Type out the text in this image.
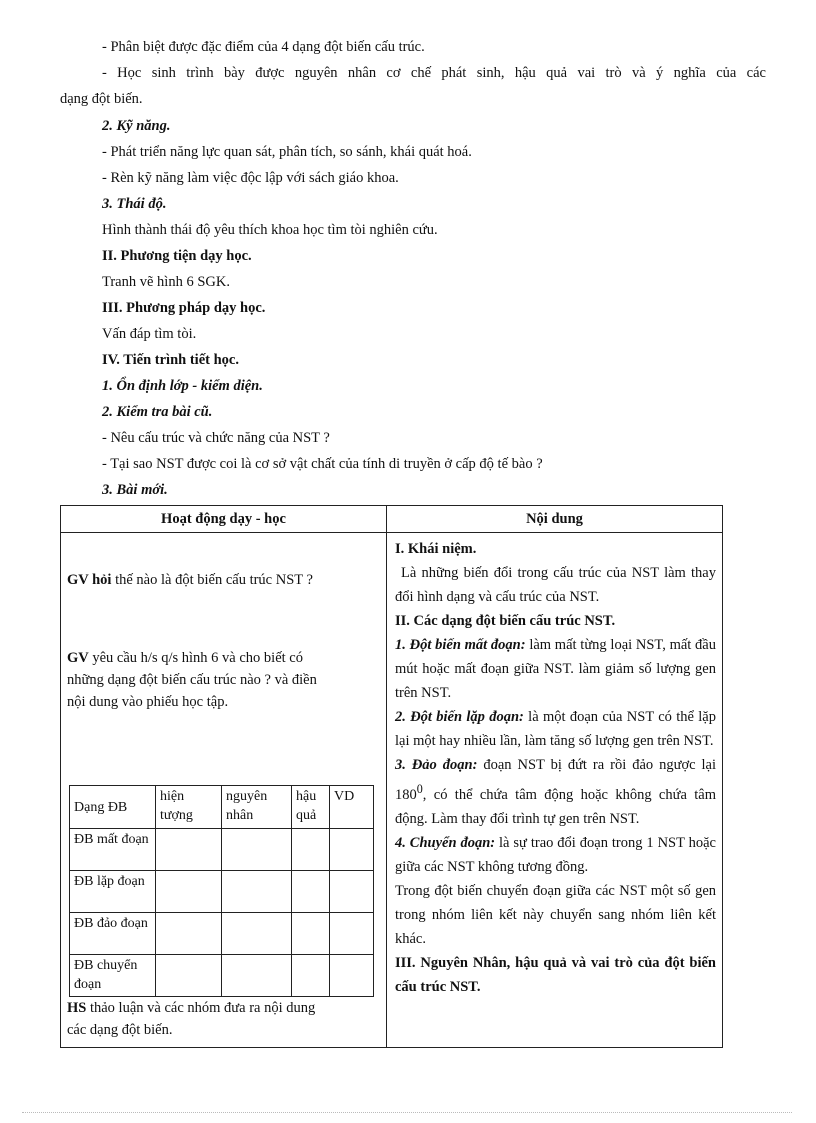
- Phân biệt được đặc điểm của 4 dạng đột biến cấu trúc.
- Học sinh trình bày được nguyên nhân cơ chế phát sinh, hậu quả vai trò và ý nghĩa của các
dạng đột biến.
2. Kỹ năng.
- Phát triển năng lực quan sát, phân tích, so sánh, khái quát hoá.
- Rèn kỹ năng làm việc độc lập với sách giáo khoa.
3. Thái độ.
Hình thành thái độ yêu thích khoa học tìm tòi nghiên cứu.
II. Phương tiện dạy học.
Tranh vẽ hình 6 SGK.
III. Phương pháp dạy học.
Vấn đáp tìm tòi.
IV. Tiến trình tiết học.
1. Ổn định lớp - kiểm diện.
2. Kiểm tra bài cũ.
- Nêu cấu trúc và chức năng của NST ?
- Tại sao NST được coi là cơ sở vật chất của tính di truyền ở cấp độ tế bào ?
3. Bài mới.
Hoạt động dạy - học	Nội dung

GV hỏi thế nào là đột biến cấu trúc NST ?
GV yêu cầu h/s q/s hình 6 và cho biết có
những dạng đột biến cấu trúc nào ? và điền
nội dung vào phiếu học tập.
Dạng ĐB	hiện tượng	nguyên nhân	hậu quả	VD
ĐB mất đoạn				
ĐB lặp đoạn				
ĐB đảo đoạn				
ĐB chuyển đoạn				
HS thảo luận và các nhóm đưa ra nội dung
các dạng đột biến.

I. Khái niệm.

Là những biến đổi trong cấu trúc của NST làm thay đổi hình dạng và cấu trúc của NST.

II. Các dạng đột biến cấu trúc NST.

1. Đột biến mất đoạn: làm mất từng loại NST, mất đầu mút hoặc mất đoạn giữa NST. làm giảm số lượng gen trên NST.

2. Đột biến lặp đoạn: là một đoạn của NST có thể lặp lại một hay nhiều lần, làm tăng số lượng gen trên NST.

3. Đảo đoạn: đoạn NST bị đứt ra rồi đảo ngược lại $180^0$, có thể chứa tâm động hoặc không chứa tâm động. Làm thay đổi trình tự gen trên NST.

4. Chuyển đoạn: là sự trao đổi đoạn trong 1 NST hoặc giữa các NST không tương đồng.

Trong đột biến chuyển đoạn giữa các NST một số gen trong nhóm liên kết này chuyển sang nhóm liên kết khác.

III. Nguyên Nhân, hậu quả và vai trò của đột biến cấu trúc NST.
